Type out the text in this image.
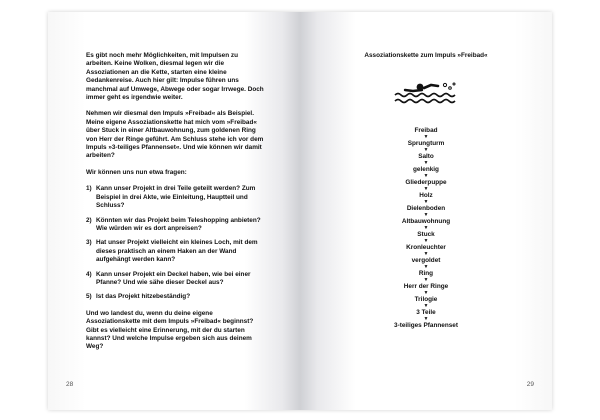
Es gibt noch mehr Möglichkeiten, mit Impulsen zu arbeiten. Keine Wolken, diesmal legen wir die Assoziationen an die Kette, starten eine kleine Gedankenreise. Auch hier gilt: Impulse führen uns manchmal auf Umwege, Abwege oder sogar Irrwege. Doch immer geht es irgendwie weiter.

Nehmen wir diesmal den Impuls »Freibad« als Beispiel. Meine eigene Assoziationskette hat mich vom »Freibad« über Stuck in einer Altbauwohnung, zum goldenen Ring von Herr der Ringe geführt. Am Schluss stehe ich vor dem Impuls »3-teiliges Pfannenset«. Und wie können wir damit arbeiten?

Wir können uns nun etwa fragen:

1) Kann unser Projekt in drei Teile geteilt werden? Zum Beispiel in drei Akte, wie Einleitung, Hauptteil und Schluss?
2) Könnten wir das Projekt beim Teleshopping anbieten? Wie würden wir es dort anpreisen?
3) Hat unser Projekt vielleicht ein kleines Loch, mit dem dieses praktisch an einem Haken an der Wand aufgehängt werden kann?
4) Kann unser Projekt ein Deckel haben, wie bei einer Pfanne? Und wie sähe dieser Deckel aus?
5) Ist das Projekt hitzebeständig?

Und wo landest du, wenn du deine eigene Assoziationskette mit dem Impuls »Freibad« beginnst? Gibt es vielleicht eine Erinnerung, mit der du starten kannst? Und welche Impulse ergeben sich aus deinem Weg?

28
Assoziationskette zum Impuls »Freibad«
Freibad
▼
Sprungturm
▼
Salto
▼
gelenkig
▼
Gliederpuppe
▼
Holz
▼
Dielenboden
▼
Altbauwohnung
▼
Stuck
▼
Kronleuchter
▼
vergoldet
▼
Ring
▼
Herr der Ringe
▼
Trilogie
▼
3 Teile
▼
3-teiliges Pfannenset
29
